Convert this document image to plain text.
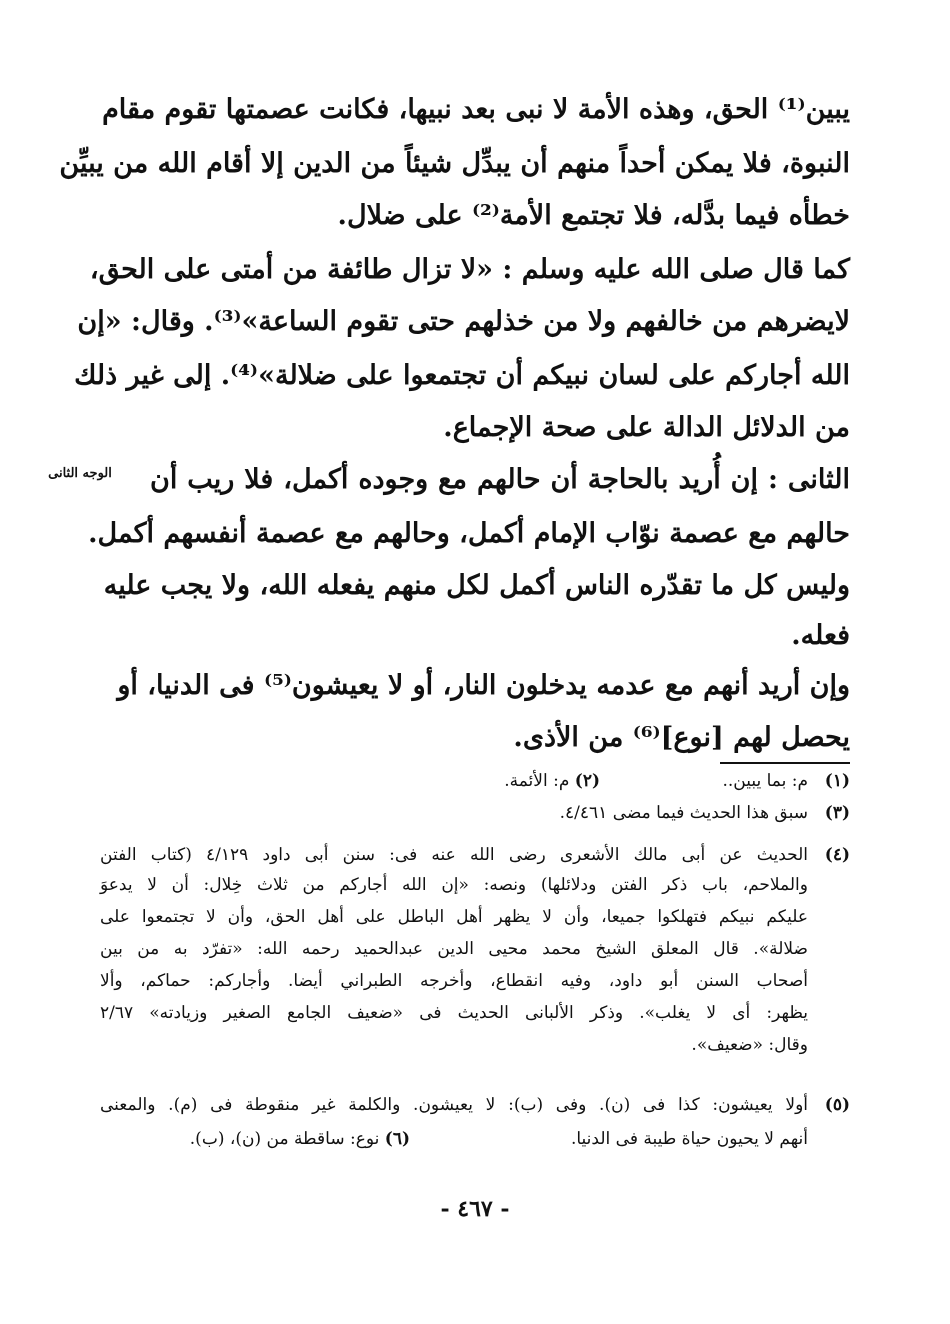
يبين⁽¹⁾ الحق، وهذه الأمة لا نبى بعد نبيها، فكانت عصمتها تقوم مقام
النبوة، فلا يمكن أحداً منهم أن يبدِّل شيئاً من الدين إلا أقام الله من يبيِّن
خطأه فيما بدَّله، فلا تجتمع الأمة⁽²⁾ على ضلال.
كما قال صلى الله عليه وسلم : «لا تزال طائفة من أمتى على الحق،
لايضرهم من خالفهم ولا من خذلهم حتى تقوم الساعة»⁽³⁾. وقال: «إن
الله أجاركم على لسان نبيكم أن تجتمعوا على ضلالة»⁽⁴⁾. إلى غير ذلك
من الدلائل الدالة على صحة الإجماع.
الوجه الثانى	الثانى : إن أُريد بالحاجة أن حالهم مع وجوده أكمل، فلا ريب أن
حالهم مع عصمة نوّاب الإمام أكمل، وحالهم مع عصمة أنفسهم أكمل.
وليس كل ما تقدّره الناس أكمل لكل منهم يفعله الله، ولا يجب عليه
فعله.
وإن أريد أنهم مع عدمه يدخلون النار، أو لا يعيشون⁽⁵⁾ فى الدنيا، أو
يحصل لهم [نوع]⁽⁶⁾ من الأذى.
(١)
م: بما يبين..
(٢) م: الأئمة.
(٣)
سبق هذا الحديث فيما مضى ٤/٤٦١.
(٤)
الحديث عن أبى مالك الأشعرى رضى الله عنه فى: سنن أبى داود ٤/١٢٩ (كتاب الفتن
والملاحم، باب ذكر الفتن ودلائلها) ونصه: «إن الله أجاركم من ثلاث خِلال: أن لا يدعوَ
عليكم نبيكم فتهلكوا جميعا، وأن لا يظهر أهل الباطل على أهل الحق، وأن لا تجتمعوا على
ضلالة». قال المعلق الشيخ محمد محيى الدين عبدالحميد رحمه الله: «تفرّد به من بين
أصحاب السنن أبو داود، وفيه انقطاع، وأخرجه الطبراني أيضا. وأجاركم: حماكم، وألا
يظهر: أى لا يغلب». وذكر الألبانى الحديث فى «ضعيف الجامع الصغير وزيادته» ٢/٦٧
وقال: «ضعيف».
(٥)
أولا يعيشون: كذا فى (ن). وفى (ب): لا يعيشون. والكلمة غير منقوطة فى (م). والمعنى
أنهم لا يحيون حياة طيبة فى الدنيا.
(٦) نوع: ساقطة من (ن)، (ب).
- ٤٦٧ -
